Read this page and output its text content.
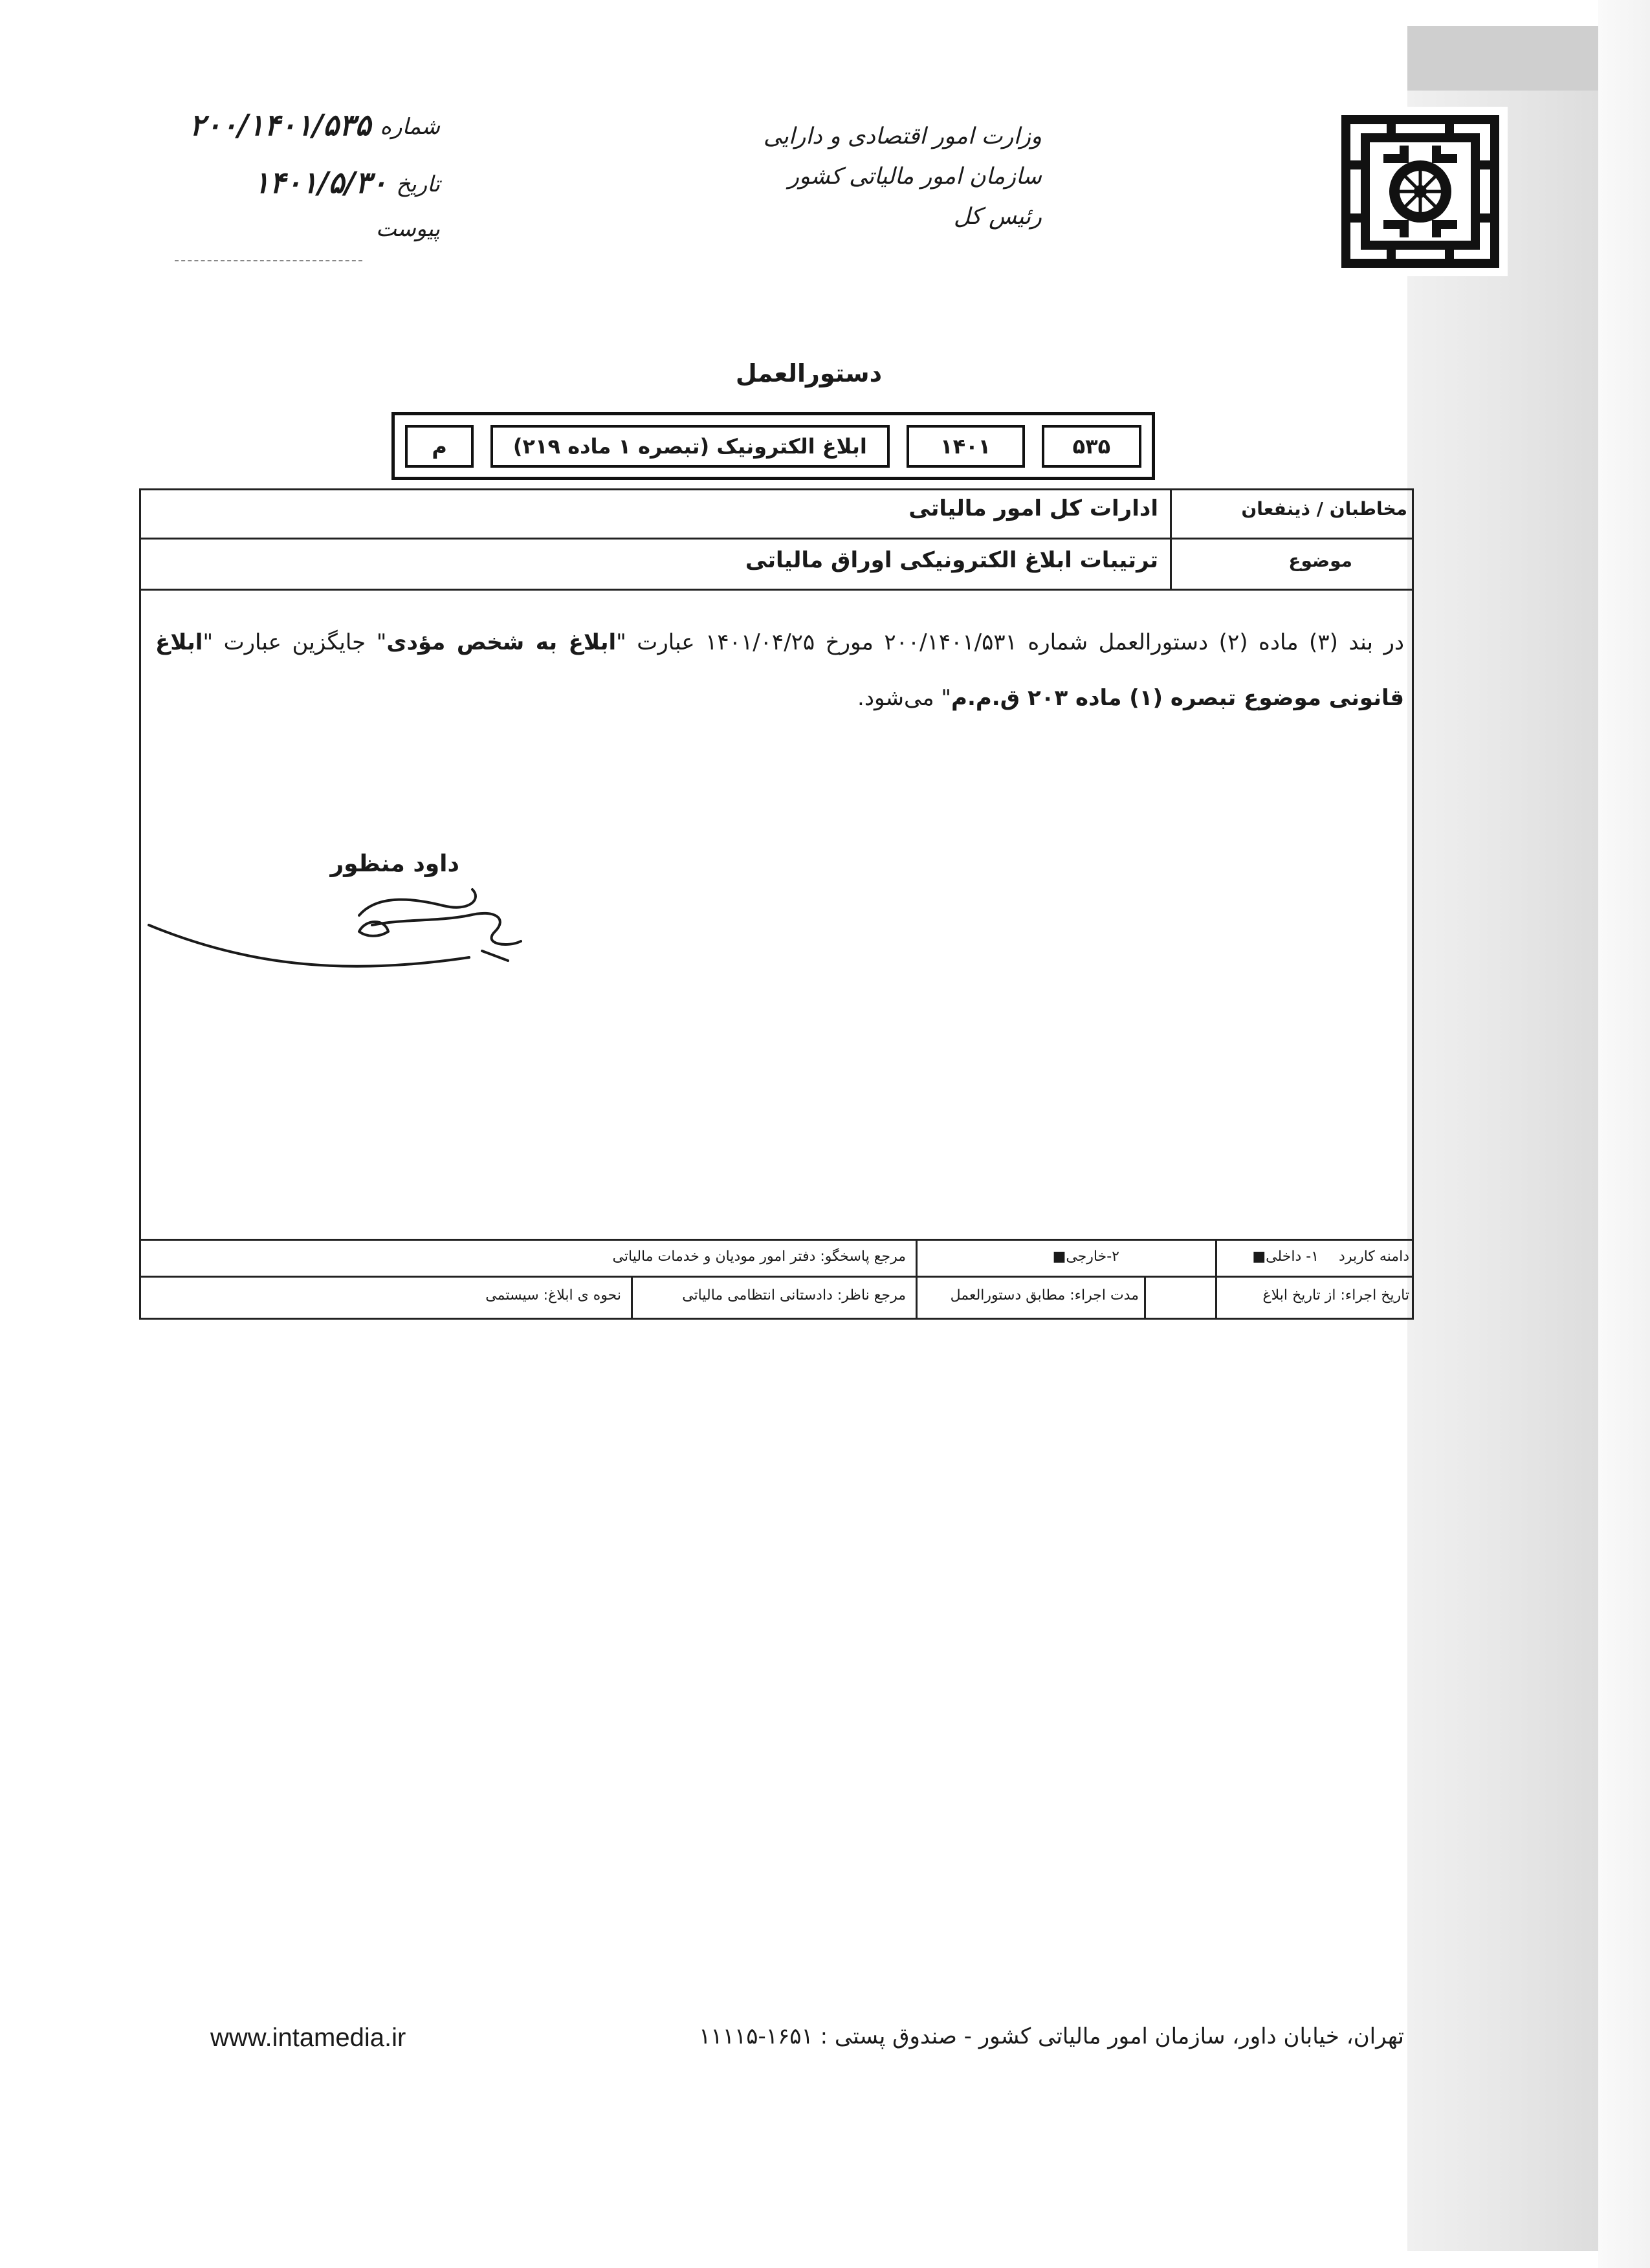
وزارت امور اقتصادی و دارایی
سازمان امور مالیاتی کشور
رئیس کل
شماره
۲۰۰/۱۴۰۱/۵۳۵
تاریخ
۱۴۰۱/۵/۳۰
پیوست
دستورالعمل
۵۳۵
۱۴۰۱
ابلاغ الکترونیک (تبصره ۱ ماده ۲۱۹)
م
مخاطبان / ذینفعان
ادارات کل امور مالیاتی
موضوع
ترتیبات ابلاغ الکترونیکی اوراق مالیاتی
در بند (۳) ماده (۲) دستورالعمل شماره ۲۰۰/۱۴۰۱/۵۳۱ مورخ ۱۴۰۱/۰۴/۲۵ عبارت "ابلاغ به شخص مؤدی" جایگزین عبارت "ابلاغ قانونی موضوع تبصره (۱) ماده ۲۰۳ ق.م.م" می‌شود.
داود منظور
دامنه کاربرد ۱- داخلی■
۲-خارجی■
مرجع پاسخگو: دفتر امور مودیان و خدمات مالیاتی
تاریخ اجراء: از تاریخ ابلاغ
مدت اجراء: مطابق دستورالعمل
مرجع ناظر: دادستانی انتظامی مالیاتی
نحوه ی ابلاغ: سیستمی
تهران، خیابان داور، سازمان امور مالیاتی کشور - صندوق پستی : ۱۶۵۱-۱۱۱۱۵
www.intamedia.ir
